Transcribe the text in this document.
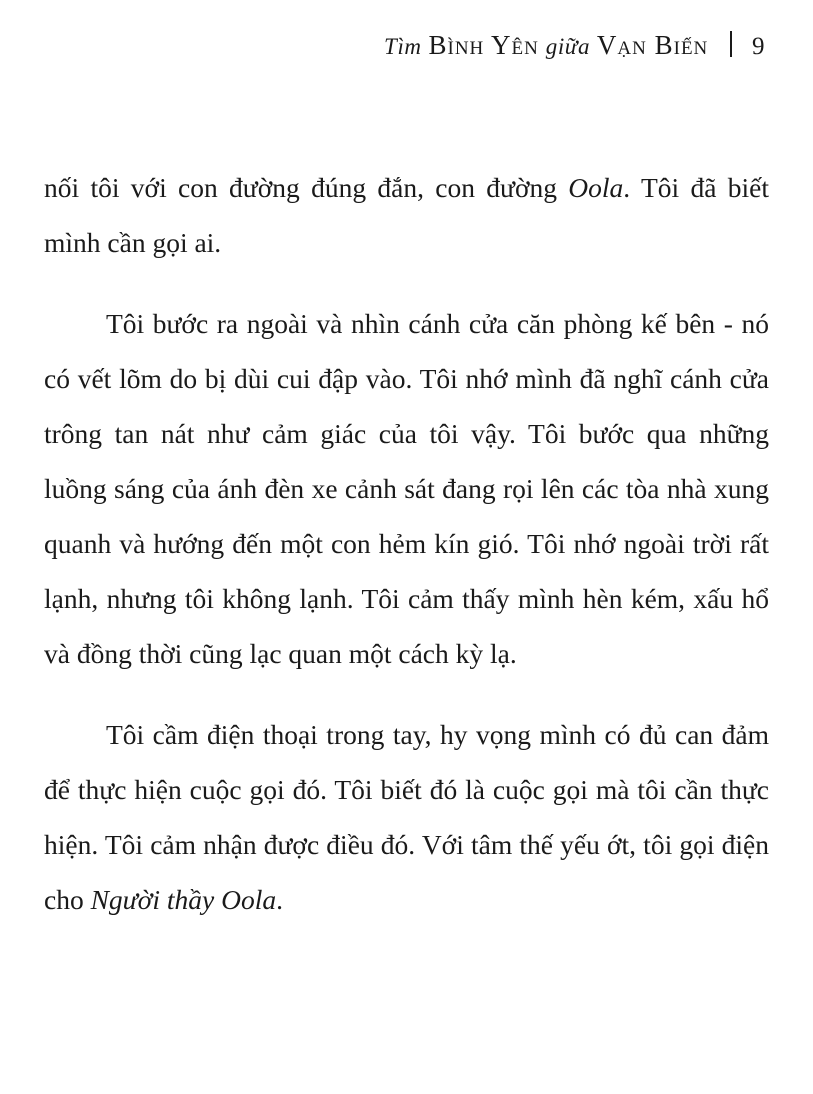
Tìm Bình Yên giữa Vạn Biến 9

nối tôi với con đường đúng đắn, con đường Oola. Tôi đã biết mình cần gọi ai.

Tôi bước ra ngoài và nhìn cánh cửa căn phòng kế bên - nó có vết lõm do bị dùi cui đập vào. Tôi nhớ mình đã nghĩ cánh cửa trông tan nát như cảm giác của tôi vậy. Tôi bước qua những luồng sáng của ánh đèn xe cảnh sát đang rọi lên các tòa nhà xung quanh và hướng đến một con hẻm kín gió. Tôi nhớ ngoài trời rất lạnh, nhưng tôi không lạnh. Tôi cảm thấy mình hèn kém, xấu hổ và đồng thời cũng lạc quan một cách kỳ lạ.

Tôi cầm điện thoại trong tay, hy vọng mình có đủ can đảm để thực hiện cuộc gọi đó. Tôi biết đó là cuộc gọi mà tôi cần thực hiện. Tôi cảm nhận được điều đó. Với tâm thế yếu ớt, tôi gọi điện cho Người thầy Oola.
